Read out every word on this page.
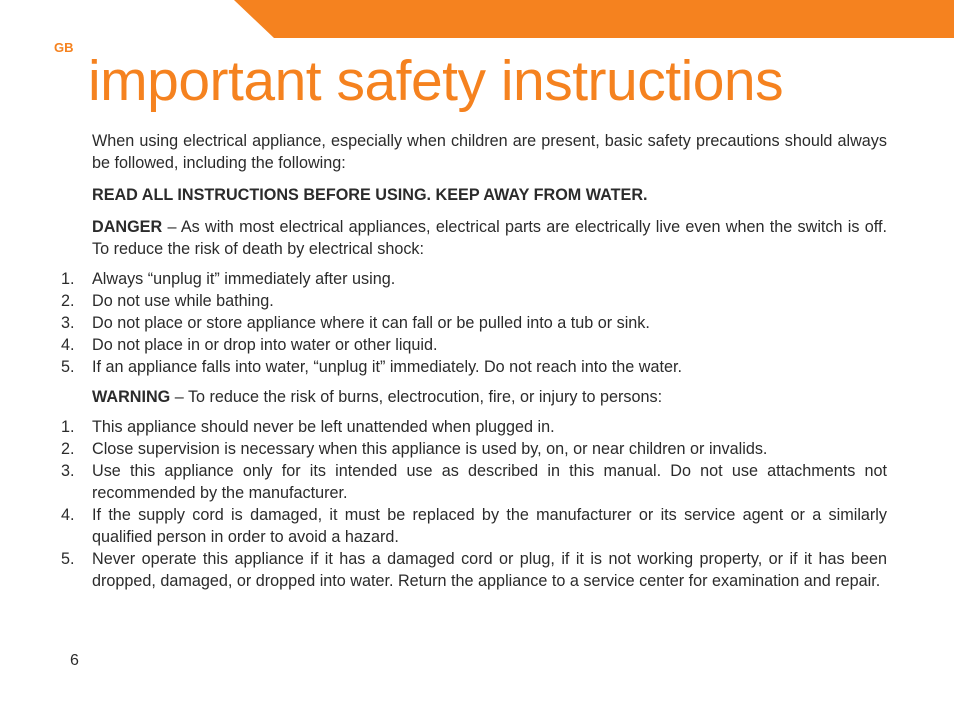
GB
important safety instructions

When using electrical appliance, especially when children are present, basic safety precautions should always be followed, including the following:

READ ALL INSTRUCTIONS BEFORE USING. KEEP AWAY FROM WATER.

DANGER – As with most electrical appliances, electrical parts are electrically live even when the switch is off. To reduce the risk of death by electrical shock:

1.	Always “unplug it” immediately after using.
2.	Do not use while bathing.
3.	Do not place or store appliance where it can fall or be pulled into a tub or sink.
4.	Do not place in or drop into water or other liquid.
5.	If an appliance falls into water, “unplug it” immediately. Do not reach into the water.

WARNING – To reduce the risk of burns, electrocution, fire, or injury to persons:

1.	This appliance should never be left unattended when plugged in.
2.	Close supervision is necessary when this appliance is used by, on, or near children or invalids.
3.	Use this appliance only for its intended use as described in this manual. Do not use attachments not recommended by the manufacturer.
4.	If the supply cord is damaged, it must be replaced by the manufacturer or its service agent or a similarly qualified person in order to avoid a hazard.
5.	Never operate this appliance if it has a damaged cord or plug, if it is not working property, or if it has been dropped, damaged, or dropped into water. Return the appliance to a service center for examination and repair.
6
